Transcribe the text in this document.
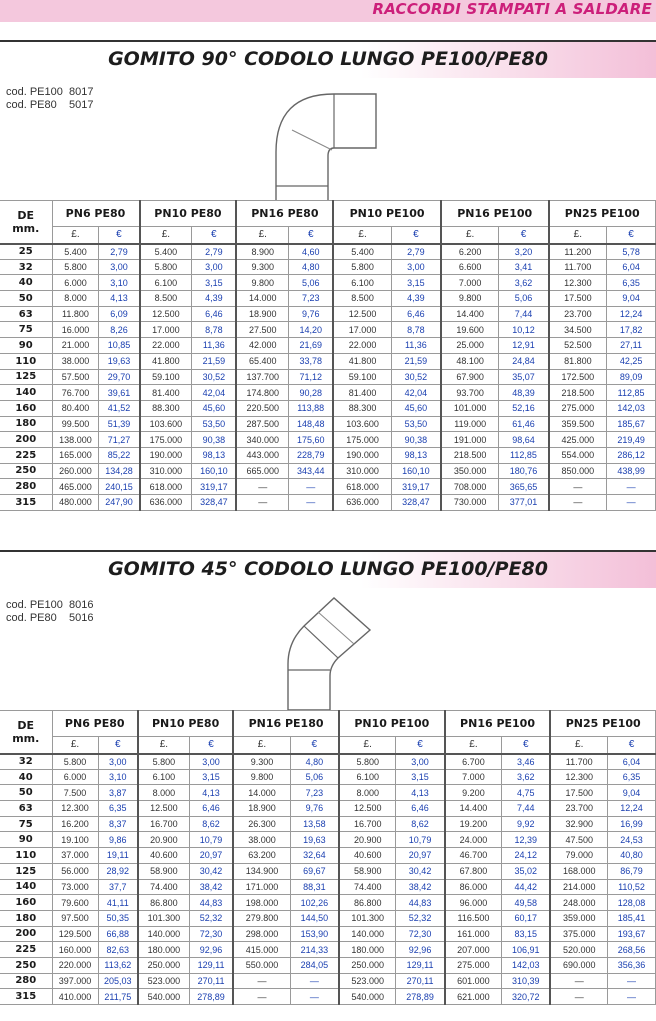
RACCORDI STAMPATI A SALDARE
GOMITO 90° CODOLO LUNGO PE100/PE80
cod. PE100  8017
cod. PE80    5017
DE
mm.	PN6 PE80		PN10 PE80		PN16 PE80		PN10 PE100		PN16 PE100		PN25 PE100	
	£.	€	£.	€	£.	€	£.	€	£.	€	£.	€
25	5.400	2,79	5.400	2,79	8.900	4,60	5.400	2,79	6.200	3,20	11.200	5,78
32	5.800	3,00	5.800	3,00	9.300	4,80	5.800	3,00	6.600	3,41	11.700	6,04
40	6.000	3,10	6.100	3,15	9.800	5,06	6.100	3,15	7.000	3,62	12.300	6,35
50	8.000	4,13	8.500	4,39	14.000	7,23	8.500	4,39	9.800	5,06	17.500	9,04
63	11.800	6,09	12.500	6,46	18.900	9,76	12.500	6,46	14.400	7,44	23.700	12,24
75	16.000	8,26	17.000	8,78	27.500	14,20	17.000	8,78	19.600	10,12	34.500	17,82
90	21.000	10,85	22.000	11,36	42.000	21,69	22.000	11,36	25.000	12,91	52.500	27,11
110	38.000	19,63	41.800	21,59	65.400	33,78	41.800	21,59	48.100	24,84	81.800	42,25
125	57.500	29,70	59.100	30,52	137.700	71,12	59.100	30,52	67.900	35,07	172.500	89,09
140	76.700	39,61	81.400	42,04	174.800	90,28	81.400	42,04	93.700	48,39	218.500	112,85
160	80.400	41,52	88.300	45,60	220.500	113,88	88.300	45,60	101.000	52,16	275.000	142,03
180	99.500	51,39	103.600	53,50	287.500	148,48	103.600	53,50	119.000	61,46	359.500	185,67
200	138.000	71,27	175.000	90,38	340.000	175,60	175.000	90,38	191.000	98,64	425.000	219,49
225	165.000	85,22	190.000	98,13	443.000	228,79	190.000	98,13	218.500	112,85	554.000	286,12
250	260.000	134,28	310.000	160,10	665.000	343,44	310.000	160,10	350.000	180,76	850.000	438,99
280	465.000	240,15	618.000	319,17	—	—	618.000	319,17	708.000	365,65	—	—
315	480.000	247,90	636.000	328,47	—	—	636.000	328,47	730.000	377,01	—	—
GOMITO 45° CODOLO LUNGO PE100/PE80
cod. PE100  8016
cod. PE80    5016
DE
mm.	PN6 PE80		PN10 PE80		PN16 PE180		PN10 PE100		PN16 PE100		PN25 PE100	
	£.	€	£.	€	£.	€	£.	€	£.	€	£.	€
32	5.800	3,00	5.800	3,00	9.300	4,80	5.800	3,00	6.700	3,46	11.700	6,04
40	6.000	3,10	6.100	3,15	9.800	5,06	6.100	3,15	7.000	3,62	12.300	6,35
50	7.500	3,87	8.000	4,13	14.000	7,23	8.000	4,13	9.200	4,75	17.500	9,04
63	12.300	6,35	12.500	6,46	18.900	9,76	12.500	6,46	14.400	7,44	23.700	12,24
75	16.200	8,37	16.700	8,62	26.300	13,58	16.700	8,62	19.200	9,92	32.900	16,99
90	19.100	9,86	20.900	10,79	38.000	19,63	20.900	10,79	24.000	12,39	47.500	24,53
110	37.000	19,11	40.600	20,97	63.200	32,64	40.600	20,97	46.700	24,12	79.000	40,80
125	56.000	28,92	58.900	30,42	134.900	69,67	58.900	30,42	67.800	35,02	168.000	86,79
140	73.000	37,7	74.400	38,42	171.000	88,31	74.400	38,42	86.000	44,42	214.000	110,52
160	79.600	41,11	86.800	44,83	198.000	102,26	86.800	44,83	96.000	49,58	248.000	128,08
180	97.500	50,35	101.300	52,32	279.800	144,50	101.300	52,32	116.500	60,17	359.000	185,41
200	129.500	66,88	140.000	72,30	298.000	153,90	140.000	72,30	161.000	83,15	375.000	193,67
225	160.000	82,63	180.000	92,96	415.000	214,33	180.000	92,96	207.000	106,91	520.000	268,56
250	220.000	113,62	250.000	129,11	550.000	284,05	250.000	129,11	275.000	142,03	690.000	356,36
280	397.000	205,03	523.000	270,11	—	—	523.000	270,11	601.000	310,39	—	—
315	410.000	211,75	540.000	278,89	—	—	540.000	278,89	621.000	320,72	—	—
